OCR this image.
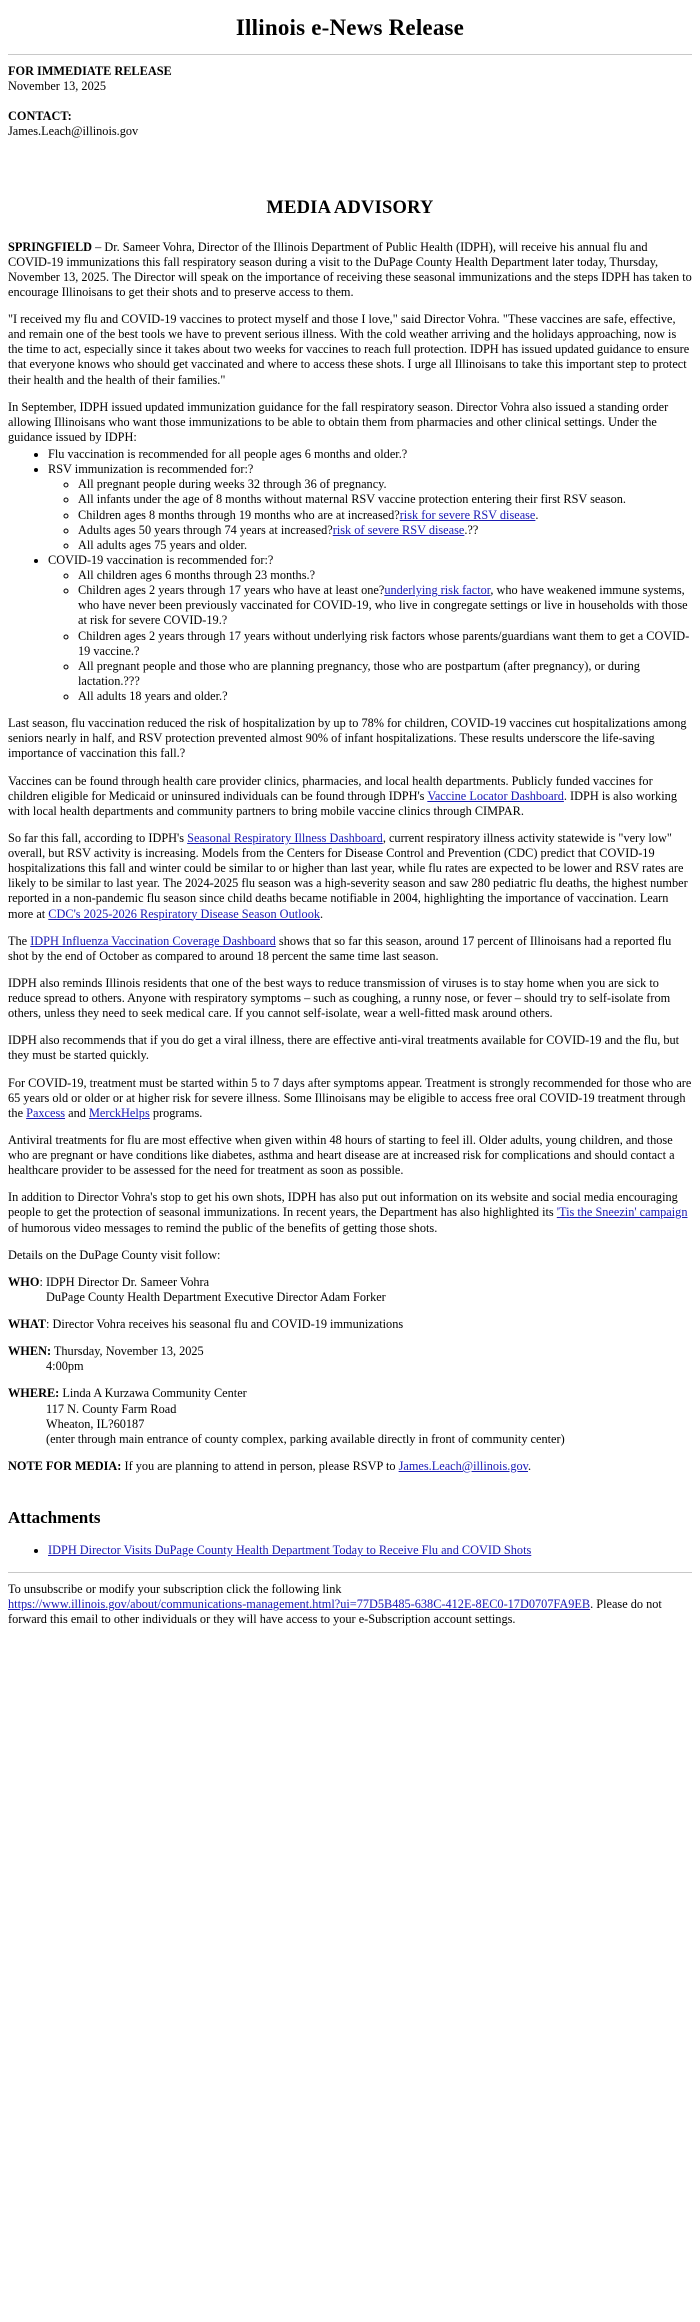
Illinois e-News Release

FOR IMMEDIATE RELEASE

November 13, 2025

CONTACT:

James.Leach@illinois.gov

MEDIA ADVISORY

SPRINGFIELD – Dr. Sameer Vohra, Director of the Illinois Department of Public Health (IDPH), will receive his annual flu and COVID-19 immunizations this fall respiratory season during a visit to the DuPage County Health Department later today, Thursday, November 13, 2025. The Director will speak on the importance of receiving these seasonal immunizations and the steps IDPH has taken to encourage Illinoisans to get their shots and to preserve access to them.

"I received my flu and COVID-19 vaccines to protect myself and those I love," said Director Vohra. "These vaccines are safe, effective, and remain one of the best tools we have to prevent serious illness. With the cold weather arriving and the holidays approaching, now is the time to act, especially since it takes about two weeks for vaccines to reach full protection. IDPH has issued updated guidance to ensure that everyone knows who should get vaccinated and where to access these shots. I urge all Illinoisans to take this important step to protect their health and the health of their families."

In September, IDPH issued updated immunization guidance for the fall respiratory season. Director Vohra also issued a standing order allowing Illinoisans who want those immunizations to be able to obtain them from pharmacies and other clinical settings. Under the guidance issued by IDPH:

• Flu vaccination is recommended for all people ages 6 months and older.?
• RSV immunization is recommended for:?
◦ All pregnant people during weeks 32 through 36 of pregnancy.
◦ All infants under the age of 8 months without maternal RSV vaccine protection entering their first RSV season.
◦ Children ages 8 months through 19 months who are at increased?risk for severe RSV disease.
◦ Adults ages 50 years through 74 years at increased?risk of severe RSV disease.??
◦ All adults ages 75 years and older.
• COVID-19 vaccination is recommended for:?
◦ All children ages 6 months through 23 months.?
◦ Children ages 2 years through 17 years who have at least one?underlying risk factor, who have weakened immune systems, who have never been previously vaccinated for COVID-19, who live in congregate settings or live in households with those at risk for severe COVID-19.?
◦ Children ages 2 years through 17 years without underlying risk factors whose parents/guardians want them to get a COVID-19 vaccine.?
◦ All pregnant people and those who are planning pregnancy, those who are postpartum (after pregnancy), or during lactation.???
◦ All adults 18 years and older.?

Last season, flu vaccination reduced the risk of hospitalization by up to 78% for children, COVID-19 vaccines cut hospitalizations among seniors nearly in half, and RSV protection prevented almost 90% of infant hospitalizations. These results underscore the life-saving importance of vaccination this fall.?

Vaccines can be found through health care provider clinics, pharmacies, and local health departments. Publicly funded vaccines for children eligible for Medicaid or uninsured individuals can be found through IDPH's Vaccine Locator Dashboard. IDPH is also working with local health departments and community partners to bring mobile vaccine clinics through CIMPAR.

So far this fall, according to IDPH's Seasonal Respiratory Illness Dashboard, current respiratory illness activity statewide is "very low" overall, but RSV activity is increasing. Models from the Centers for Disease Control and Prevention (CDC) predict that COVID-19 hospitalizations this fall and winter could be similar to or higher than last year, while flu rates are expected to be lower and RSV rates are likely to be similar to last year. The 2024-2025 flu season was a high-severity season and saw 280 pediatric flu deaths, the highest number reported in a non-pandemic flu season since child deaths became notifiable in 2004, highlighting the importance of vaccination. Learn more at CDC's 2025-2026 Respiratory Disease Season Outlook.

The IDPH Influenza Vaccination Coverage Dashboard shows that so far this season, around 17 percent of Illinoisans had a reported flu shot by the end of October as compared to around 18 percent the same time last season.

IDPH also reminds Illinois residents that one of the best ways to reduce transmission of viruses is to stay home when you are sick to reduce spread to others. Anyone with respiratory symptoms – such as coughing, a runny nose, or fever – should try to self-isolate from others, unless they need to seek medical care. If you cannot self-isolate, wear a well-fitted mask around others.

IDPH also recommends that if you do get a viral illness, there are effective anti-viral treatments available for COVID-19 and the flu, but they must be started quickly.

For COVID-19, treatment must be started within 5 to 7 days after symptoms appear. Treatment is strongly recommended for those who are 65 years old or older or at higher risk for severe illness. Some Illinoisans may be eligible to access free oral COVID-19 treatment through the Paxcess and MerckHelps programs.

Antiviral treatments for flu are most effective when given within 48 hours of starting to feel ill. Older adults, young children, and those who are pregnant or have conditions like diabetes, asthma and heart disease are at increased risk for complications and should contact a healthcare provider to be assessed for the need for treatment as soon as possible.

In addition to Director Vohra's stop to get his own shots, IDPH has also put out information on its website and social media encouraging people to get the protection of seasonal immunizations. In recent years, the Department has also highlighted its 'Tis the Sneezin' campaign of humorous video messages to remind the public of the benefits of getting those shots.

Details on the DuPage County visit follow:

WHO: IDPH Director Dr. Sameer Vohra

DuPage County Health Department Executive Director Adam Forker

WHAT: Director Vohra receives his seasonal flu and COVID-19 immunizations

WHEN: Thursday, November 13, 2025

4:00pm

WHERE: Linda A Kurzawa Community Center

117 N. County Farm Road

Wheaton, IL?60187

(enter through main entrance of county complex, parking available directly in front of community center)

NOTE FOR MEDIA: If you are planning to attend in person, please RSVP to James.Leach@illinois.gov.

Attachments
• IDPH Director Visits DuPage County Health Department Today to Receive Flu and COVID Shots

To unsubscribe or modify your subscription click the following link

https://www.illinois.gov/about/communications-management.html?ui=77D5B485-638C-412E-8EC0-17D0707FA9EB. Please do not forward this email to other individuals or they will have access to your e-Subscription account settings.
